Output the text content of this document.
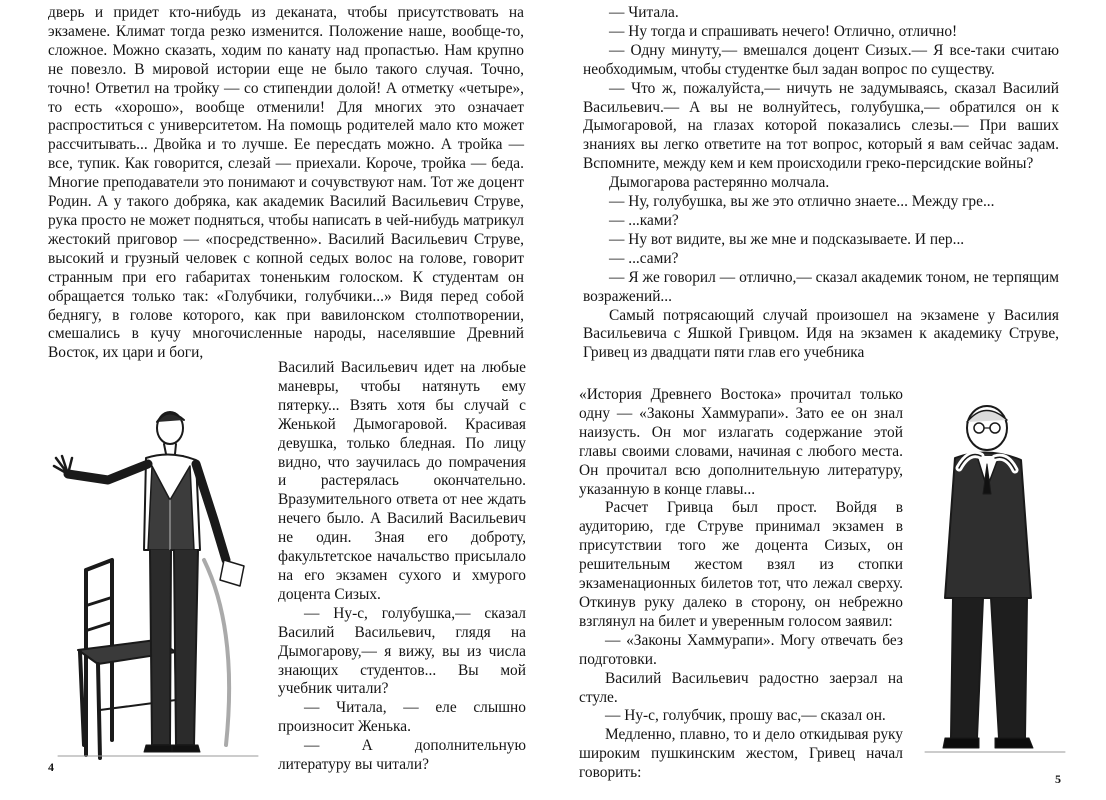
дверь и придет кто-нибудь из деканата, чтобы присутствовать на экзамене. Климат тогда резко изменится. Положение наше, вообще-то, сложное. Можно сказать, ходим по канату над пропастью. Нам крупно не повезло. В мировой истории еще не было такого случая. Точно, точно! Ответил на тройку — со стипендии долой! А отметку «четыре», то есть «хорошо», вообще отменили! Для многих это означает распроститься с университетом. На помощь родителей мало кто может рассчитывать... Двойка и то лучше. Ее пересдать можно. А тройка — все, тупик. Как говорится, слезай — приехали. Короче, тройка — беда. Многие преподаватели это понимают и сочувствуют нам. Тот же доцент Родин. А у такого добряка, как академик Василий Васильевич Струве, рука просто не может подняться, чтобы написать в чей-нибудь матрикул жестокий приговор — «посредственно». Василий Васильевич Струве, высокий и грузный человек с копной седых волос на голове, говорит странным при его габаритах тоненьким голоском. К студентам он обращается только так: «Голубчики, голубчики...» Видя перед собой беднягу, в голове которого, как при вавилонском столпотворении, смешались в кучу многочисленные народы, населявшие Древний Восток, их цари и боги,

Василий Васильевич идет на любые маневры, чтобы натянуть ему пятерку... Взять хотя бы случай с Женькой Дымогаровой. Красивая девушка, только бледная. По лицу видно, что заучилась до помрачения и растерялась окончательно. Вразумительного ответа от нее ждать нечего было. А Василий Васильевич не один. Зная его доброту, факультетское начальство присылало на его экзамен сухого и хмурого доцента Сизых.

— Ну-с, голубушка,— сказал Василий Васильевич, глядя на Дымогарову,— я вижу, вы из числа знающих студентов... Вы мой учебник читали?

— Читала, — еле слышно произносит Женька.

— А дополнительную литературу вы читали?

4

— Читала.

— Ну тогда и спрашивать нечего! Отлично, отлично!

— Одну минуту,— вмешался доцент Сизых.— Я все-таки считаю необходимым, чтобы студентке был задан вопрос по существу.

— Что ж, пожалуйста,— ничуть не задумываясь, сказал Василий Васильевич.— А вы не волнуйтесь, голубушка,— обратился он к Дымогаровой, на глазах которой показались слезы.— При ваших знаниях вы легко ответите на тот вопрос, который я вам сейчас задам. Вспомните, между кем и кем происходили греко-персидские войны?

Дымогарова растерянно молчала.

— Ну, голубушка, вы же это отлично знаете... Между гре...

— ...ками?

— Ну вот видите, вы же мне и подсказываете. И пер...

— ...сами?

— Я же говорил — отлично,— сказал академик тоном, не терпящим возражений...

Самый потрясающий случай произошел на экзамене у Василия Васильевича с Яшкой Гривцом. Идя на экзамен к академику Струве, Гривец из двадцати пяти глав его учебника

«История Древнего Востока» прочитал только одну — «Законы Хаммурапи». Зато ее он знал наизусть. Он мог излагать содержание этой главы своими словами, начиная с любого места. Он прочитал всю дополнительную литературу, указанную в конце главы...

Расчет Гривца был прост. Войдя в аудиторию, где Струве принимал экзамен в присутствии того же доцента Сизых, он решительным жестом взял из стопки экзаменационных билетов тот, что лежал сверху. Откинув руку далеко в сторону, он небрежно взглянул на билет и уверенным голосом заявил:

— «Законы Хаммурапи». Могу отвечать без подготовки.

Василий Васильевич радостно заерзал на стуле.

— Ну-с, голубчик, прошу вас,— сказал он.

Медленно, плавно, то и дело откидывая руку широким пушкинским жестом, Гривец начал говорить:	5
